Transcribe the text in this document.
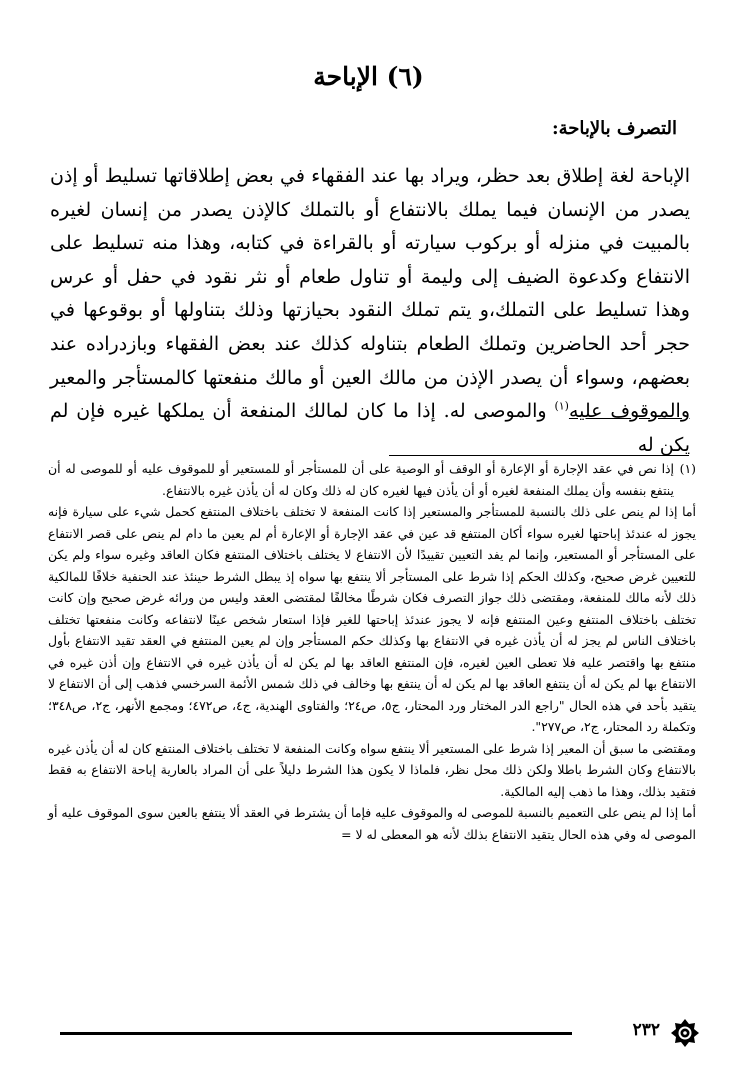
(٦) الإباحة
التصرف بالإباحة:

الإباحة لغة إطلاق بعد حظر، ويراد بها عند الفقهاء في بعض إطلاقاتها تسليط أو إذن يصدر من الإنسان فيما يملك بالانتفاع أو بالتملك كالإذن يصدر من إنسان لغيره بالمبيت في منزله أو بركوب سيارته أو بالقراءة في كتابه، وهذا منه تسليط على الانتفاع وكدعوة الضيف إلى وليمة أو تناول طعام أو نثر نقود في حفل أو عرس وهذا تسليط على التملك،و يتم تملك النقود بحيازتها وذلك بتناولها أو بوقوعها في حجر أحد الحاضرين وتملك الطعام بتناوله كذلك عند بعض الفقهاء وبازدراده عند بعضهم، وسواء أن يصدر الإذن من مالك العين أو مالك منفعتها كالمستأجر والمعير والموقوف عليه$^{(١)}$ والموصى له. إذا ما كان لمالك المنفعة أن يملكها غيره فإن لم يكن له

(١)
إذا نص في عقد الإجارة أو الإعارة أو الوقف أو الوصية على أن للمستأجر أو للمستعير أو للموقوف عليه أو للموصى له أن ينتفع بنفسه وأن يملك المنفعة لغيره أو أن يأذن فيها لغيره كان له ذلك وكان له أن يأذن غيره بالانتفاع.

أما إذا لم ينص على ذلك بالنسبة للمستأجر والمستعير إذا كانت المنفعة لا تختلف باختلاف المنتفع كحمل شيء على سيارة فإنه يجوز له عندئذ إباحتها لغيره سواء أكان المنتفع قد عين في عقد الإجارة أو الإعارة أم لم يعين ما دام لم ينص على قصر الانتفاع على المستأجر أو المستعير، وإنما لم يفد التعيين تقييدًا لأن الانتفاع لا يختلف باختلاف المنتفع فكان العاقد وغيره سواء ولم يكن للتعيين غرض صحيح، وكذلك الحكم إذا شرط على المستأجر ألا ينتفع بها سواه إذ يبطل الشرط حينئذ عند الحنفية خلافًا للمالكية ذلك لأنه مالك للمنفعة، ومقتضى ذلك جواز التصرف فكان شرطًا مخالفًا لمقتضى العقد وليس من ورائه غرض صحيح وإن كانت تختلف باختلاف المنتفع وعين المنتفع فإنه لا يجوز عندئذ إباحتها للغير فإذا استعار شخص عينًا لانتفاعه وكانت منفعتها تختلف باختلاف الناس لم يجز له أن يأذن غيره في الانتفاع بها وكذلك حكم المستأجر وإن لم يعين المنتفع في العقد تقيد الانتفاع بأول منتفع بها واقتصر عليه فلا تعطى العين لغيره، فإن المنتفع العاقد بها لم يكن له أن يأذن غيره في الانتفاع وإن أذن غيره في الانتفاع بها لم يكن له أن ينتفع العاقد بها لم يكن له أن ينتفع بها وخالف في ذلك شمس الأئمة السرخسي فذهب إلى أن الانتفاع لا يتقيد بأحد في هذه الحال "راجع الدر المختار ورد المحتار، ج٥، ص٢٤؛ والفتاوى الهندية، ج٤، ص٤٧٢؛ ومجمع الأنهر، ج٢، ص٣٤٨؛ وتكملة رد المحتار، ج٢، ص٢٧٧".

ومقتضى ما سبق أن المعير إذا شرط على المستعير ألا ينتفع سواه وكانت المنفعة لا تختلف باختلاف المنتفع كان له أن يأذن غيره بالانتفاع وكان الشرط باطلا ولكن ذلك محل نظر، فلماذا لا يكون هذا الشرط دليلاً على أن المراد بالعارية إباحة الانتفاع به فقط فتقيد بذلك، وهذا ما ذهب إليه المالكية.

أما إذا لم ينص على التعميم بالنسبة للموصى له والموقوف عليه فإما أن يشترط في العقد ألا ينتفع بالعين سوى الموقوف عليه أو الموصى له وفي هذه الحال يتقيد الانتفاع بذلك لأنه هو المعطى له لا =

٢٣٢
